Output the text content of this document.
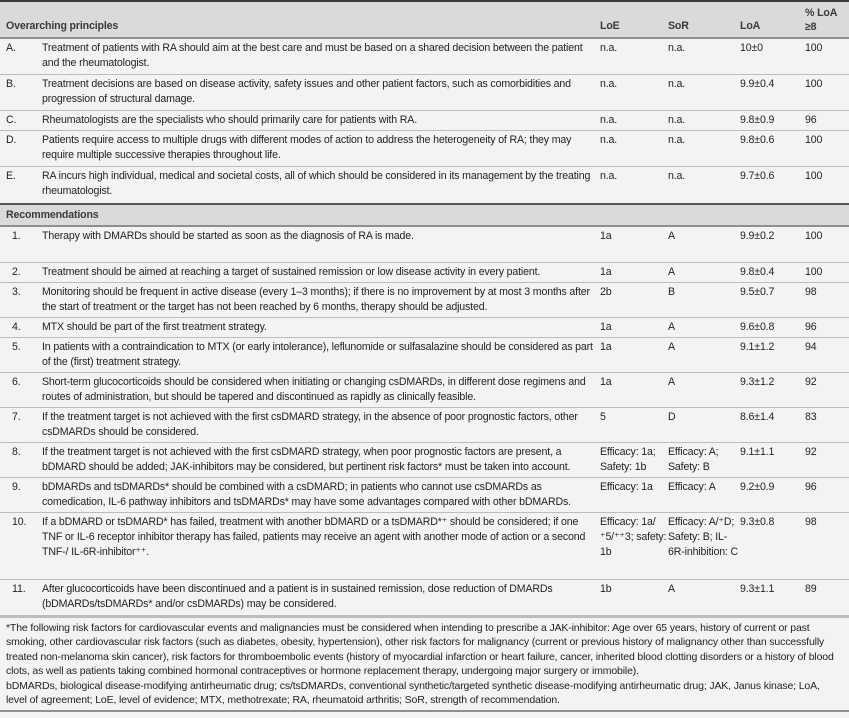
Overarching principles		LoE	SoR	LoA	% LoA ≥8
A.	Treatment of patients with RA should aim at the best care and must be based on a shared decision between the patient and the rheumatologist.	n.a.	n.a.	10±0	100
B.	Treatment decisions are based on disease activity, safety issues and other patient factors, such as comorbidities and progression of structural damage.	n.a.	n.a.	9.9±0.4	100
C.	Rheumatologists are the specialists who should primarily care for patients with RA.	n.a.	n.a.	9.8±0.9	96
D.	Patients require access to multiple drugs with different modes of action to address the heterogeneity of RA; they may require multiple successive therapies throughout life.	n.a.	n.a.	9.8±0.6	100
E.	RA incurs high individual, medical and societal costs, all of which should be considered in its management by the treating rheumatologist.	n.a.	n.a.	9.7±0.6	100
Recommendations					
1.	Therapy with DMARDs should be started as soon as the diagnosis of RA is made.	1a	A	9.9±0.2	100
2.	Treatment should be aimed at reaching a target of sustained remission or low disease activity in every patient.	1a	A	9.8±0.4	100
3.	Monitoring should be frequent in active disease (every 1–3 months); if there is no improvement by at most 3 months after the start of treatment or the target has not been reached by 6 months, therapy should be adjusted.	2b	B	9.5±0.7	98
4.	MTX should be part of the first treatment strategy.	1a	A	9.6±0.8	96
5.	In patients with a contraindication to MTX (or early intolerance), leflunomide or sulfasalazine should be considered as part of the (first) treatment strategy.	1a	A	9.1±1.2	94
6.	Short-term glucocorticoids should be considered when initiating or changing csDMARDs, in different dose regimens and routes of administration, but should be tapered and discontinued as rapidly as clinically feasible.	1a	A	9.3±1.2	92
7.	If the treatment target is not achieved with the first csDMARD strategy, in the absence of poor prognostic factors, other csDMARDs should be considered.	5	D	8.6±1.4	83
8.	If the treatment target is not achieved with the first csDMARD strategy, when poor prognostic factors are present, a bDMARD should be added; JAK-inhibitors may be considered, but pertinent risk factors* must be taken into account.	Efficacy: 1a; Safety: 1b	Efficacy: A; Safety: B	9.1±1.1	92
9.	bDMARDs and tsDMARDs* should be combined with a csDMARD; in patients who cannot use csDMARDs as comedication, IL-6 pathway inhibitors and tsDMARDs* may have some advantages compared with other bDMARDs.	Efficacy: 1a	Efficacy: A	9.2±0.9	96
10.	If a bDMARD or tsDMARD* has failed, treatment with another bDMARD or a tsDMARD*⁺ should be considered; if one TNF or IL-6 receptor inhibitor therapy has failed, patients may receive an agent with another mode of action or a second TNF-/ IL-6R-inhibitor⁺⁺.	Efficacy: 1a/⁺5/⁺⁺3; safety: 1b	Efficacy: A/⁺D; Safety: B; IL-6R-inhibition: C	9.3±0.8	98
11.	After glucocorticoids have been discontinued and a patient is in sustained remission, dose reduction of DMARDs (bDMARDs/tsDMARDs* and/or csDMARDs) may be considered.	1b	A	9.3±1.1	89

*The following risk factors for cardiovascular events and malignancies must be considered when intending to prescribe a JAK-inhibitor: Age over 65 years, history of current or past smoking, other cardiovascular risk factors (such as diabetes, obesity, hypertension), other risk factors for malignancy (current or previous history of malignancy other than successfully treated non-melanoma skin cancer), risk factors for thromboembolic events (history of myocardial infarction or heart failure, cancer, inherited blood clotting disorders or a history of blood clots, as well as patients taking combined hormonal contraceptives or hormone replacement therapy, undergoing major surgery or immobile).

bDMARDs, biological disease-modifying antirheumatic drug; cs/tsDMARDs, conventional synthetic/targeted synthetic disease-modifying antirheumatic drug; JAK, Janus kinase; LoA, level of agreement; LoE, level of evidence; MTX, methotrexate; RA, rheumatoid arthritis; SoR, strength of recommendation.
